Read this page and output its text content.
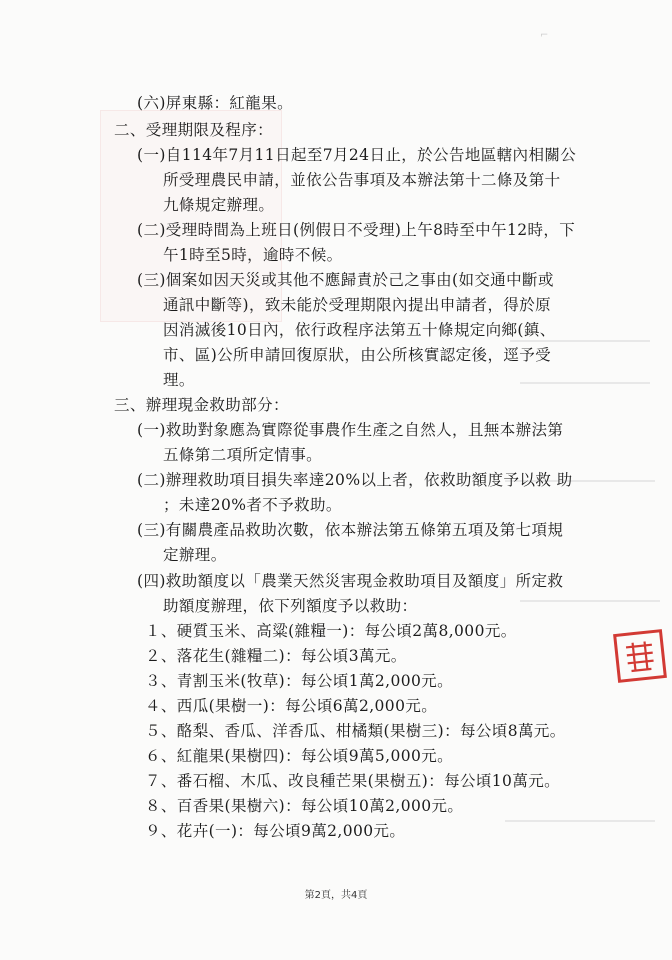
⌐
(六)屏東縣：紅龍果。
二、受理期限及程序：
(一)自114年7月11日起至7月24日止，於公告地區轄內相關公
所受理農民申請，並依公告事項及本辦法第十二條及第十
九條規定辦理。
(二)受理時間為上班日(例假日不受理)上午8時至中午12時，下
午1時至5時，逾時不候。
(三)個案如因天災或其他不應歸責於己之事由(如交通中斷或
通訊中斷等)，致未能於受理期限內提出申請者，得於原
因消滅後10日內，依行政程序法第五十條規定向鄉(鎮、
市、區)公所申請回復原狀，由公所核實認定後，逕予受
理。
三、辦理現金救助部分：
(一)救助對象應為實際從事農作生產之自然人，且無本辦法第
五條第二項所定情事。
(二)辦理救助項目損失率達20%以上者，依救助額度予以救 助
；未達20%者不予救助。
(三)有關農產品救助次數，依本辦法第五條第五項及第七項規
定辦理。
(四)救助額度以「農業天然災害現金救助項目及額度」所定救
助額度辦理，依下列額度予以救助：
１、硬質玉米、高粱(雜糧一)：每公頃2萬8,000元。
２、落花生(雜糧二)：每公頃3萬元。
３、青割玉米(牧草)：每公頃1萬2,000元。
４、西瓜(果樹一)：每公頃6萬2,000元。
５、酪梨、香瓜、洋香瓜、柑橘類(果樹三)：每公頃8萬元。
６、紅龍果(果樹四)：每公頃9萬5,000元。
７、番石榴、木瓜、改良種芒果(果樹五)：每公頃10萬元。
８、百香果(果樹六)：每公頃10萬2,000元。
９、花卉(一)：每公頃9萬2,000元。
第2頁，共4頁
